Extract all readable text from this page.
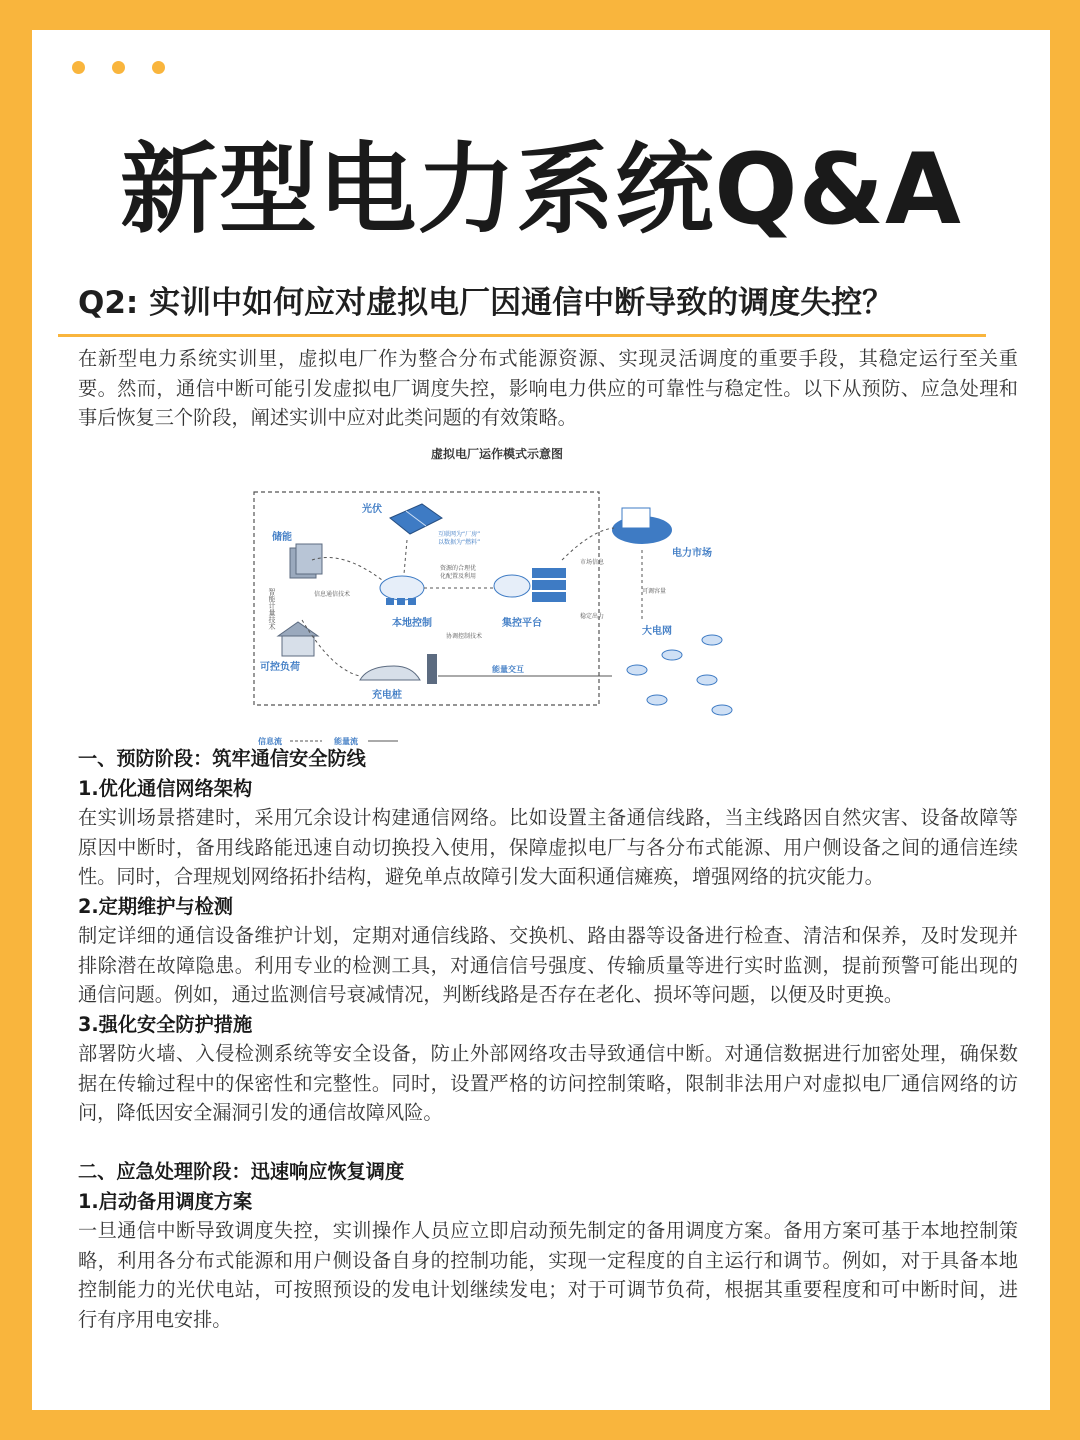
新型电力系统Q&A
Q2: 实训中如何应对虚拟电厂因通信中断导致的调度失控？

在新型电力系统实训里，虚拟电厂作为整合分布式能源资源、实现灵活调度的重要手段，其稳定运行至关重要。然而，通信中断可能引发虚拟电厂调度失控，影响电力供应的可靠性与稳定性。以下从预防、应急处理和事后恢复三个阶段，阐述实训中应对此类问题的有效策略。

虚拟电厂运作模式示意图
光伏
储能
智能计量技术
互联网为“厂房”
以数据为“燃料”
资源的合理优
化配置及利用
信息通信技术
本地控制
协调控制技术
集控平台
市场信息
稳定出力
电力市场
可调容量
大电网
可控负荷
充电桩
能量交互
信息流	能量流
一、预防阶段：筑牢通信安全防线
1.优化通信网络架构

在实训场景搭建时，采用冗余设计构建通信网络。比如设置主备通信线路，当主线路因自然灾害、设备故障等原因中断时，备用线路能迅速自动切换投入使用，保障虚拟电厂与各分布式能源、用户侧设备之间的通信连续性。同时，合理规划网络拓扑结构，避免单点故障引发大面积通信瘫痪，增强网络的抗灾能力。

2.定期维护与检测

制定详细的通信设备维护计划，定期对通信线路、交换机、路由器等设备进行检查、清洁和保养，及时发现并排除潜在故障隐患。利用专业的检测工具，对通信信号强度、传输质量等进行实时监测，提前预警可能出现的通信问题。例如，通过监测信号衰减情况，判断线路是否存在老化、损坏等问题，以便及时更换。

3.强化安全防护措施

部署防火墙、入侵检测系统等安全设备，防止外部网络攻击导致通信中断。对通信数据进行加密处理，确保数据在传输过程中的保密性和完整性。同时，设置严格的访问控制策略，限制非法用户对虚拟电厂通信网络的访问，降低因安全漏洞引发的通信故障风险。

二、应急处理阶段：迅速响应恢复调度
1.启动备用调度方案

一旦通信中断导致调度失控，实训操作人员应立即启动预先制定的备用调度方案。备用方案可基于本地控制策略，利用各分布式能源和用户侧设备自身的控制功能，实现一定程度的自主运行和调节。例如，对于具备本地控制能力的光伏电站，可按照预设的发电计划继续发电；对于可调节负荷，根据其重要程度和可中断时间，进行有序用电安排。
